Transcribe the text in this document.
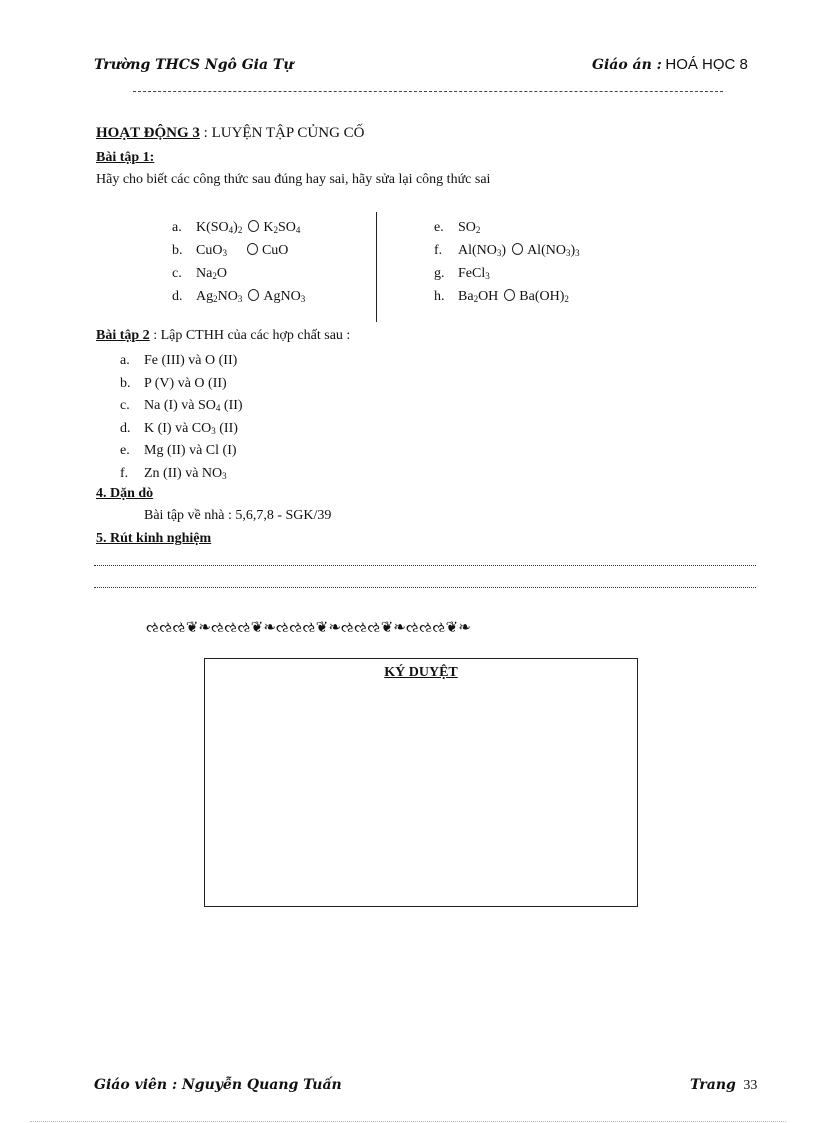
Trường THCS Ngô Gia Tự	Giáo án : HOÁ HỌC 8
HOẠT ĐỘNG 3 : LUYỆN TẬP CỦNG CỐ
Bài tập 1:
Hãy cho biết các công thức sau đúng hay sai, hãy sửa lại công thức sai
a. $K(SO_4)_2$ $K_2SO_4$
b. CuO$_3$	CuO
c. $Na_2O$
d. $Ag_2NO_3$ AgNO$_3$
e. $SO_2$
f. $Al(NO_3)$ $Al(NO_3)_3$
g. FeCl$_3$
h. $Ba_2OH$ $Ba(OH)_2$
Bài tập 2 : Lập CTHH của các hợp chất sau :
a. Fe (III) và O (II)
b. P (V) và O (II)
c. Na (I) và $SO_4$ (II)
d. K (I) và $CO_3$ (II)
e. Mg (II) và Cl (I)
f. Zn (II) và $NO_3$
4. Dặn dò
Bài tập về nhà : 5,6,7,8 - SGK/39
5. Rút kinh nghiệm
ઌઌઌ❦❧ઌઌઌ❦❧ઌઌઌ❦❧ઌઌઌ❦❧ઌઌઌ❦❧
KÝ DUYỆT
Giáo viên : Nguyễn Quang Tuấn	Trang 33
